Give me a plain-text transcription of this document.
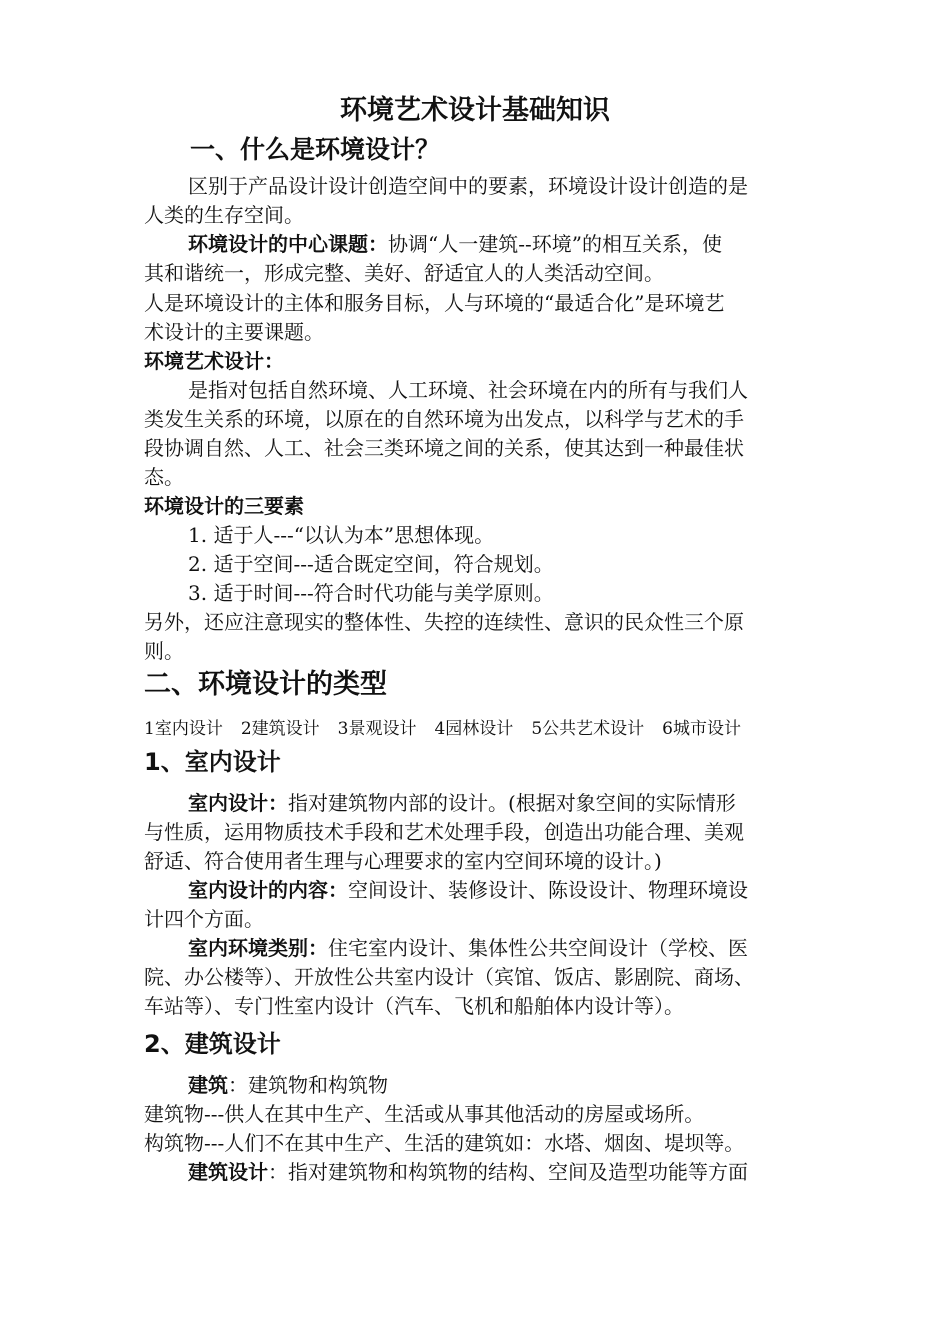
环境艺术设计基础知识
一、什么是环境设计？
区别于产品设计设计创造空间中的要素，环境设计设计创造的是
人类的生存空间。
环境设计的中心课题：协调“人一建筑--环境”的相互关系，使
其和谐统一，形成完整、美好、舒适宜人的人类活动空间。
人是环境设计的主体和服务目标，人与环境的“最适合化”是环境艺
术设计的主要课题。
环境艺术设计：
是指对包括自然环境、人工环境、社会环境在内的所有与我们人
类发生关系的环境，以原在的自然环境为出发点，以科学与艺术的手
段协调自然、人工、社会三类环境之间的关系，使其达到一种最佳状
态。
环境设计的三要素
1. 适于人---“以认为本”思想体现。
2. 适于空间---适合既定空间，符合规划。
3. 适于时间---符合时代功能与美学原则。
另外，还应注意现实的整体性、失控的连续性、意识的民众性三个原
则。
二、环境设计的类型
1室内设计 2建筑设计 3景观设计 4园林设计 5公共艺术设计 6城市设计
1、室内设计
室内设计：指对建筑物内部的设计。(根据对象空间的实际情形
与性质，运用物质技术手段和艺术处理手段，创造出功能合理、美观
舒适、符合使用者生理与心理要求的室内空间环境的设计。)
室内设计的内容：空间设计、装修设计、陈设设计、物理环境设
计四个方面。
室内环境类别：住宅室内设计、集体性公共空间设计（学校、医
院、办公楼等）、开放性公共室内设计（宾馆、饭店、影剧院、商场、
车站等）、专门性室内设计（汽车、飞机和船舶体内设计等）。
2、建筑设计
建筑：建筑物和构筑物
建筑物---供人在其中生产、生活或从事其他活动的房屋或场所。
构筑物---人们不在其中生产、生活的建筑如：水塔、烟囱、堤坝等。
建筑设计：指对建筑物和构筑物的结构、空间及造型功能等方面
